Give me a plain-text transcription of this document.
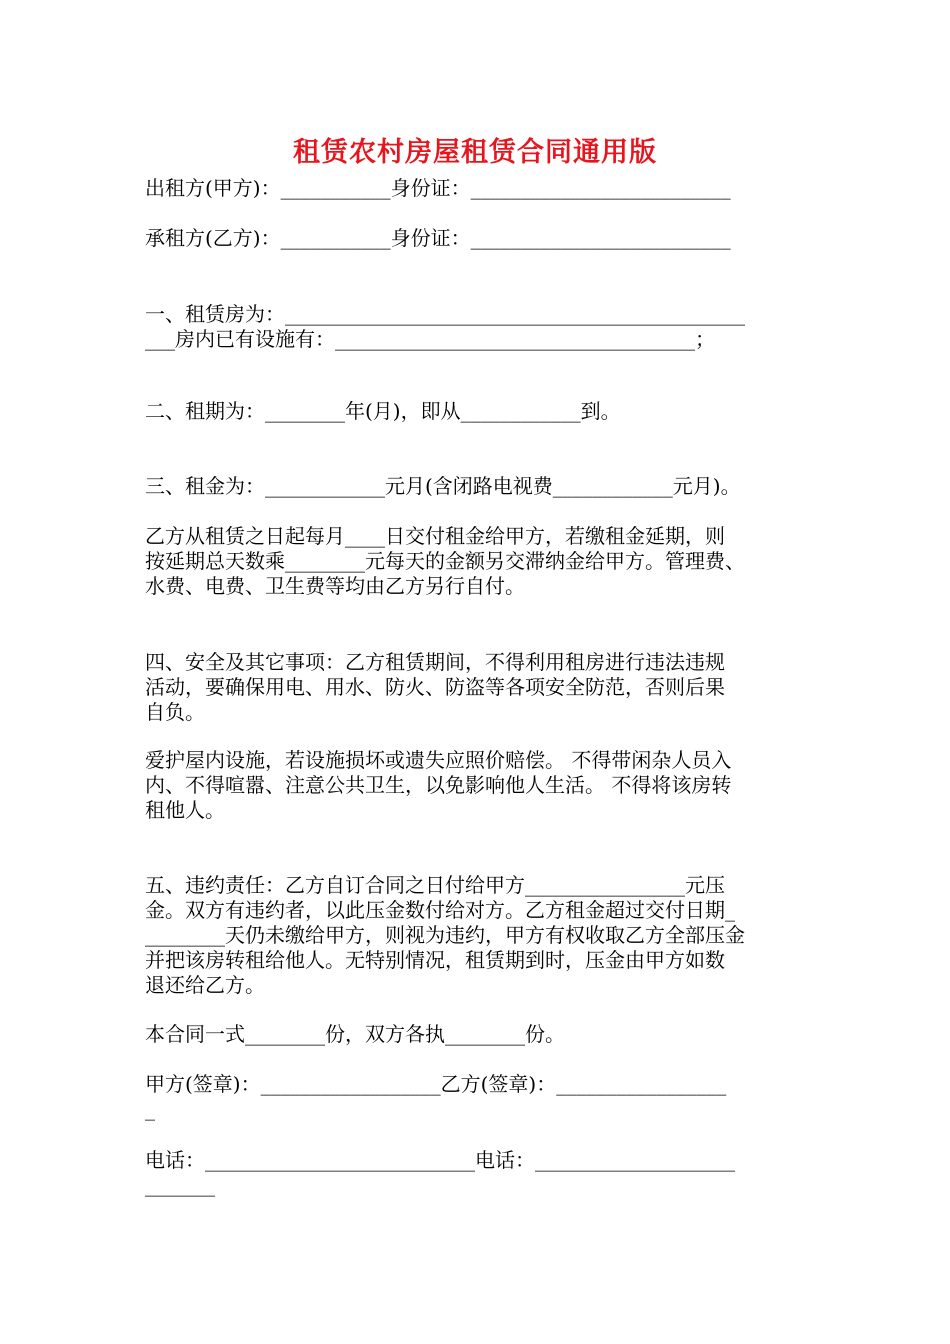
租赁农村房屋租赁合同通用版
出租方(甲方)：___________身份证：__________________________
承租方(乙方)：___________身份证：__________________________
一、租赁房为：______________________________________________
___房内已有设施有：____________________________________；
二、租期为：________年(月)，即从____________到。
三、租金为：____________元月(含闭路电视费____________元月)。
乙方从租赁之日起每月____日交付租金给甲方，若缴租金延期，则
按延期总天数乘________元每天的金额另交滞纳金给甲方。管理费、
水费、电费、卫生费等均由乙方另行自付。
四、安全及其它事项：乙方租赁期间，不得利用租房进行违法违规
活动，要确保用电、用水、防火、防盗等各项安全防范，否则后果
自负。
爱护屋内设施，若设施损坏或遗失应照价赔偿。 不得带闲杂人员入
内、不得喧嚣、注意公共卫生，以免影响他人生活。 不得将该房转
租他人。
五、违约责任：乙方自订合同之日付给甲方________________元压
金。双方有违约者，以此压金数付给对方。乙方租金超过交付日期_
________天仍未缴给甲方，则视为违约，甲方有权收取乙方全部压金
并把该房转租给他人。无特别情况，租赁期到时，压金由甲方如数
退还给乙方。
本合同一式________份，双方各执________份。
甲方(签章)：__________________乙方(签章)：_________________
_
电话：___________________________电话：____________________
_______
